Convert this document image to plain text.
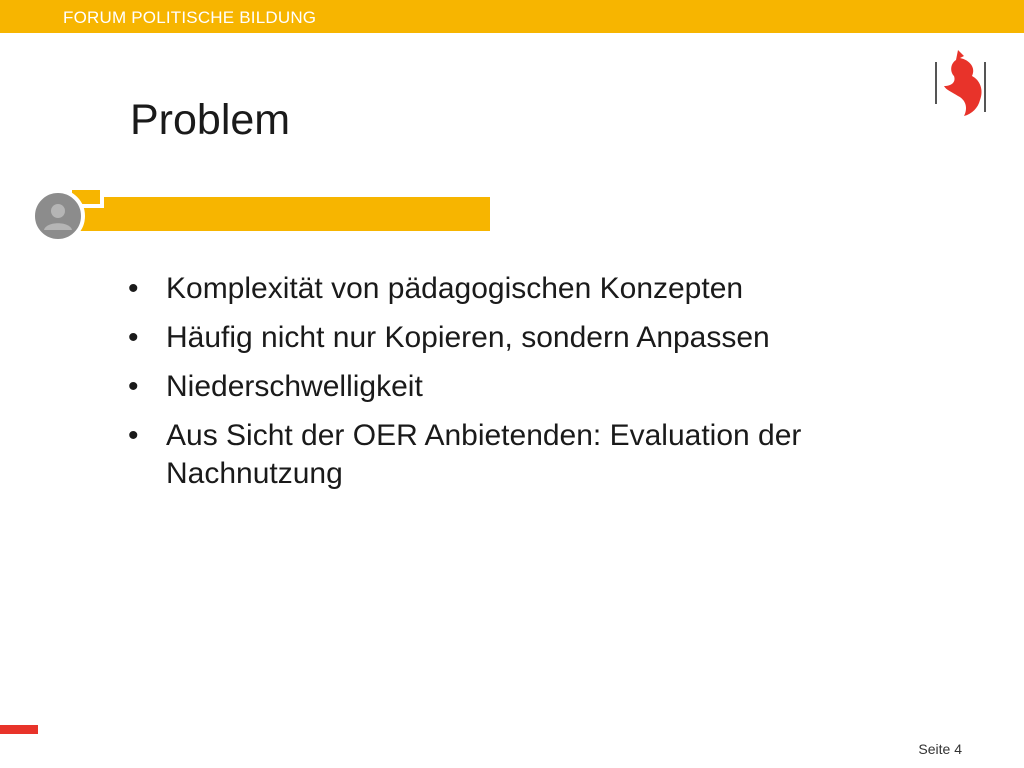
FORUM POLITISCHE BILDUNG
Problem
• Komplexität von pädagogischen Konzepten
• Häufig nicht nur Kopieren, sondern Anpassen
• Niederschwelligkeit
• Aus Sicht der OER Anbietenden: Evaluation der Nachnutzung
Seite 4
